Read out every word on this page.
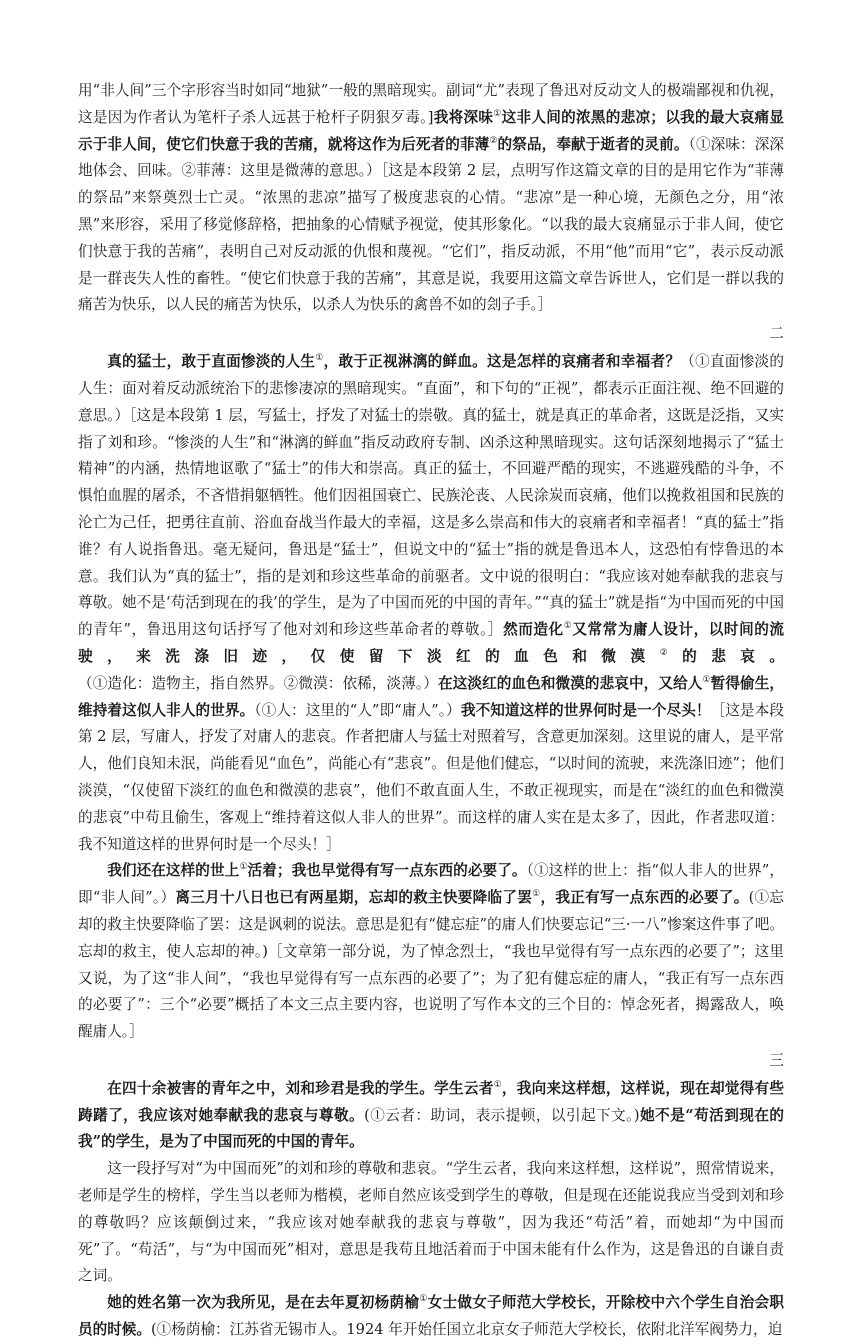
用“非人间”三个字形容当时如同“地狱”一般的黑暗现实。副词“尤”表现了鲁迅对反动文人的极端鄙视和仇视，这是因为作者认为笔杆子杀人远甚于枪杆子阴狠歹毒。]我将深味①这非人间的浓黑的悲凉；以我的最大哀痛显示于非人间，使它们快意于我的苦痛，就将这作为后死者的菲薄②的祭品，奉献于逝者的灵前。（①深味：深深地体会、回味。②菲薄：这里是微薄的意思。）［这是本段第 2 层，点明写作这篇文章的目的是用它作为“菲薄的祭品”来祭奠烈士亡灵。“浓黑的悲凉”描写了极度悲哀的心情。“悲凉”是一种心境，无颜色之分，用“浓黑”来形容，采用了移觉修辞格，把抽象的心情赋予视觉，使其形象化。“以我的最大哀痛显示于非人间，使它们快意于我的苦痛”，表明自己对反动派的仇恨和蔑视。“它们”，指反动派，不用“他”而用“它”，表示反动派是一群丧失人性的畜牲。“使它们快意于我的苦痛”，其意是说，我要用这篇文章告诉世人，它们是一群以我的痛苦为快乐，以人民的痛苦为快乐，以杀人为快乐的禽兽不如的刽子手。］

二

真的猛士，敢于直面惨淡的人生①，敢于正视淋漓的鲜血。这是怎样的哀痛者和幸福者？（①直面惨淡的人生：面对着反动派统治下的悲惨凄凉的黑暗现实。“直面”，和下句的“正视”，都表示正面注视、绝不回避的意思。）［这是本段第 1 层，写猛士，抒发了对猛士的崇敬。真的猛士，就是真正的革命者，这既是泛指，又实指了刘和珍。“惨淡的人生”和“淋漓的鲜血”指反动政府专制、凶杀这种黑暗现实。这句话深刻地揭示了“猛士精神”的内涵，热情地讴歌了“猛士”的伟大和崇高。真正的猛士，不回避严酷的现实，不逃避残酷的斗争，不惧怕血腥的屠杀，不吝惜捐躯牺牲。他们因祖国衰亡、民族沦丧、人民涂炭而哀痛，他们以挽救祖国和民族的沦亡为己任，把勇往直前、浴血奋战当作最大的幸福，这是多么崇高和伟大的哀痛者和幸福者！“真的猛士”指谁？有人说指鲁迅。毫无疑问，鲁迅是“猛士”，但说文中的“猛士”指的就是鲁迅本人，这恐怕有悖鲁迅的本意。我们认为“真的猛士”，指的是刘和珍这些革命的前驱者。文中说的很明白：“我应该对她奉献我的悲哀与尊敬。她不是‘苟活到现在的我’的学生，是为了中国而死的中国的青年。”“真的猛士”就是指“为中国而死的中国的青年”，鲁迅用这句话抒写了他对刘和珍这些革命者的尊敬。］然而造化①又常常为庸人设计，以时间的流驶，来洗涤旧迹，仅使留下淡红的血色和微漠②的悲哀。（①造化：造物主，指自然界。②微漠：依稀，淡薄。）在这淡红的血色和微漠的悲哀中，又给人①暂得偷生，维持着这似人非人的世界。（①人：这里的“人”即“庸人”。）我不知道这样的世界何时是一个尽头！［这是本段第 2 层，写庸人，抒发了对庸人的悲哀。作者把庸人与猛士对照着写，含意更加深刻。这里说的庸人，是平常人，他们良知未泯，尚能看见“血色”，尚能心有“悲哀”。但是他们健忘，“以时间的流驶，来洗涤旧迹”；他们淡漠，“仅使留下淡红的血色和微漠的悲哀”，他们不敢直面人生，不敢正视现实，而是在“淡红的血色和微漠的悲哀”中苟且偷生，客观上“维持着这似人非人的世界”。而这样的庸人实在是太多了，因此，作者悲叹道：我不知道这样的世界何时是一个尽头！］

我们还在这样的世上①活着；我也早觉得有写一点东西的必要了。（①这样的世上：指“似人非人的世界”，即“非人间”。）离三月十八日也已有两星期，忘却的救主快要降临了罢①，我正有写一点东西的必要了。(①忘却的救主快要降临了罢：这是讽刺的说法。意思是犯有“健忘症”的庸人们快要忘记“三·一八”惨案这件事了吧。忘却的救主，使人忘却的神。)［文章第一部分说，为了悼念烈士，“我也早觉得有写一点东西的必要了”；这里又说，为了这“非人间”，“我也早觉得有写一点东西的必要了”；为了犯有健忘症的庸人，“我正有写一点东西的必要了”：三个“必要”概括了本文三点主要内容，也说明了写作本文的三个目的：悼念死者，揭露敌人，唤醒庸人。］

三

在四十余被害的青年之中，刘和珍君是我的学生。学生云者①，我向来这样想，这样说，现在却觉得有些踌躇了，我应该对她奉献我的悲哀与尊敬。(①云者：助词，表示提顿，以引起下文。)她不是“苟活到现在的我”的学生，是为了中国而死的中国的青年。

这一段抒写对“为中国而死”的刘和珍的尊敬和悲哀。“学生云者，我向来这样想，这样说”，照常情说来，老师是学生的榜样，学生当以老师为楷模，老师自然应该受到学生的尊敬，但是现在还能说我应当受到刘和珍的尊敬吗？应该颠倒过来，“我应该对她奉献我的悲哀与尊敬”，因为我还“苟活”着，而她却“为中国而死”了。“苟活”，与“为中国而死”相对，意思是我苟且地活着而于中国未能有什么作为，这是鲁迅的自谦自责之词。

她的姓名第一次为我所见，是在去年夏初杨荫榆①女士做女子师范大学校长，开除校中六个学生自治会职员的时候。(①杨荫榆：江苏省无锡市人。1924 年开始任国立北京女子师范大学校长，依附北洋军阀势力，迫
